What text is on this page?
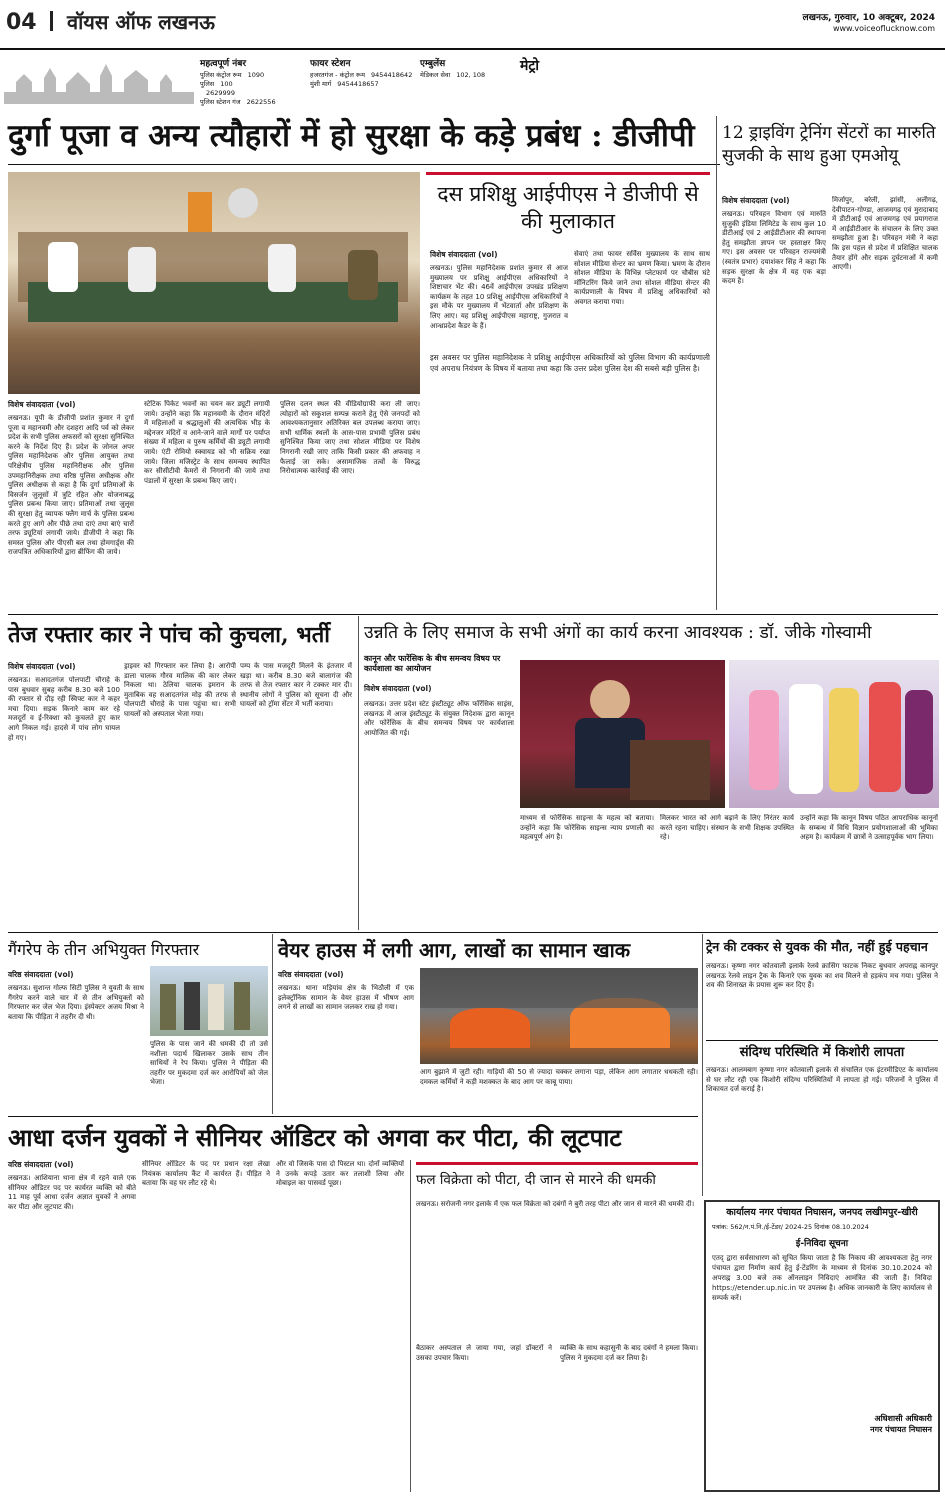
04 वॉयस ऑफ लखनऊ	लखनऊ, गुरुवार, 10 अक्टूबर, 2024
www.voiceoflucknow.com
महत्वपूर्ण नंबर
पुलिस कंट्रोल रूम 1090
पुलिस 100
2629999
पुलिस स्टेशन गंज 2622556
फायर स्टेशन
हजरतगंज - कंट्रोल रूम 9454418642
मुंशी मार्ग 9454418657
एम्बुलेंस
मेडिकल सेवा 102, 108
मेट्रो
दुर्गा पूजा व अन्य त्यौहारों में हो सुरक्षा के कड़े प्रबंध : डीजीपी
विशेष संवाददाता (vol)
लखनऊ। यूपी के डीजीपी प्रशांत कुमार ने दुर्गा पूजा व महानवमी और दशहरा आदि पर्व को लेकर प्रदेश के सभी पुलिस अफसरों को सुरक्षा सुनिश्चित करने के निर्देश दिए हैं। प्रदेश के जोनल अपर पुलिस महानिदेशक और पुलिस आयुक्त तथा परिक्षेत्रीय पुलिस महानिरीक्षक और पुलिस उपमहानिरीक्षक तथा वरिष्ठ पुलिस अधीक्षक और पुलिस अधीक्षक से कहा है कि दुर्गा प्रतिमाओं के विसर्जन जुलूसों में त्रुटि रहित और योजनाबद्ध पुलिस प्रबन्ध किया जाए। प्रतिमाओं तथा जुलूस की सुरक्षा हेतु व्यापक फ्लैग मार्च के पुलिस प्रबन्ध करते हुए आगे और पीछे तथा दाएं तथा बाएं चारों तरफ ड्यूटियां लगायी जाये। डीजीपी ने कहा कि समस्त पुलिस और पीएसी बल तथा होमगार्ड्स की राजपत्रित अधिकारियों द्वारा ब्रीफिंग की जाये।
स्टेटिक पिकेट भवनों का चयन कर ड्यूटी लगायी जाये। उन्होंने कहा कि महानवमी के दौरान मंदिरों में महिलाओं व श्रद्धालुओं की अत्यधिक भीड़ के मद्देनजर मंदिरों व आने-जाने वाले मार्गों पर पर्याप्त संख्या में महिला व पुरुष कर्मियों की ड्यूटी लगायी जाये। एंटी रोमियो स्क्वायड को भी सक्रिय रखा जाये। जिला मजिस्ट्रेट के साथ समन्वय स्थापित कर सीसीटीवी कैमरों से निगरानी की जाये तथा पंडालों में सुरक्षा के प्रबन्ध किए जाएं।
पुलिस दलन स्थल की वीडियोग्राफी करा ली जाए। त्योहारों को सकुशल सम्पन्न कराने हेतु ऐसे जनपदों को आवश्यकतानुसार अतिरिक्त बल उपलब्ध कराया जाए। सभी धार्मिक स्थलों के आस-पास प्रभावी पुलिस प्रबंध सुनिश्चित किया जाए तथा सोशल मीडिया पर विशेष निगरानी रखी जाए ताकि किसी प्रकार की अफवाह न फैलाई जा सके। असामाजिक तत्वों के विरुद्ध निरोधात्मक कार्रवाई की जाए।
दस प्रशिक्षु आईपीएस ने डीजीपी से की मुलाकात
विशेष संवाददाता (vol)
लखनऊ। पुलिस महानिदेशक प्रशांत कुमार से आज मुख्यालय पर प्रशिक्षु आईपीएस अधिकारियों ने शिष्टाचार भेंट की। 46वें आईपीएस उपखंड प्रशिक्षण कार्यक्रम के तहत 10 प्रशिक्षु आईपीएस अधिकारियों ने इस मौके पर मुख्यालय में भेंटवार्ता और प्रशिक्षण के लिए आए। यह प्रशिक्षु आईपीएस महाराष्ट्र, गुजरात व आन्ध्रप्रदेश कैडर के हैं।
सेवाएं तथा फायर सर्विस मुख्यालय के साथ साथ सोशल मीडिया सेन्टर का भ्रमण किया। भ्रमण के दौरान सोशल मीडिया के विभिन्न प्लेटफार्म पर चौबीस घंटे मॉनिटरिंग किये जाने तथा सोशल मीडिया सेन्टर की कार्यप्रणाली के विषय में प्रशिक्षु अधिकारियों को अवगत कराया गया।
इस अवसर पर पुलिस महानिदेशक ने प्रशिक्षु आईपीएस अधिकारियों को पुलिस विभाग की कार्यप्रणाली एवं अपराध नियंत्रण के विषय में बताया तथा कहा कि उत्तर प्रदेश पुलिस देश की सबसे बड़ी पुलिस है।
12 ड्राइविंग ट्रेनिंग सेंटरों का मारुति सुजकी के साथ हुआ एमओयू
विशेष संवाददाता (vol)
लखनऊ। परिवहन विभाग एवं मारुति सुजुकी इंडिया लिमिटेड के साथ कुल 10 डीटीआई एवं 2 आईडीटीआर की स्थापना हेतु समझौता ज्ञापन पर हस्ताक्षर किए गए। इस अवसर पर परिवहन राज्यमंत्री (स्वतंत्र प्रभार) दयाशंकर सिंह ने कहा कि सड़क सुरक्षा के क्षेत्र में यह एक बड़ा कदम है।
मिर्जापुर, बरेली, झांसी, अलीगढ़, देवीपाटन-गोण्डा, आजमगढ़ एवं मुरादाबाद में डीटीआई एवं आजमगढ़ एवं प्रयागराज में आईडीटीआर के संचालन के लिए उक्त समझौता हुआ है। परिवहन मंत्री ने कहा कि इस पहल से प्रदेश में प्रशिक्षित चालक तैयार होंगे और सड़क दुर्घटनाओं में कमी आएगी।
तेज रफ्तार कार ने पांच को कुचला, भर्ती
विशेष संवाददाता (vol)
लखनऊ। सआदतगंज पोलपाटी चौराहे के पास बुधवार सुबह करीब 8.30 बजे 100 की रफ्तार से दौड़ रही स्विफ्ट कार ने कहर मचा दिया। सड़क किनारे काम कर रहे मजदूरों व ई-रिक्शा को कुचलते हुए कार आगे निकल गई। हादसे में पांच लोग घायल हो गए।
ड्राइवर को गिरफ्तार कर लिया है। आरोपी डाला चालक गौरव मालिक की कार लेकर निकला था। ठेलिया चालक इमरान के मुताबिक वह सआदतगंज मोड़ की तरफ से पोलपाटी चौराहे के पास पहुंचा था। सभी घायलों को अस्पताल भेजा गया।
पम्प के पास मजदूरी मिलने के इंतजार में खड़ा था। करीब 8.30 बजे बालागंज की तरफ से तेज रफ्तार कार ने टक्कर मार दी। स्थानीय लोगों ने पुलिस को सूचना दी और घायलों को ट्रॉमा सेंटर में भर्ती कराया।
उन्नति के लिए समाज के सभी अंगों का कार्य करना आवश्यक : डॉ. जीके गोस्वामी
कानून और फारेंसिक के बीच समन्वय विषय पर कार्यशाला का आयोजन
विशेष संवाददाता (vol)
लखनऊ। उत्तर प्रदेश स्टेट इंस्टीट्यूट ऑफ फॉरेंसिक साइंस, लखनऊ में आज इंस्टीट्यूट के संयुक्त निदेशक द्वारा कानून और फोरेंसिक के बीच समन्वय विषय पर कार्यशाला आयोजित की गई।
माध्यम से फोरेंसिक साइन्स के महत्व को बताया। उन्होंने कहा कि फोरेंसिक साइन्स न्याय प्रणाली का महत्वपूर्ण अंग है।
मिलकर भारत को आगे बढ़ाने के लिए निरंतर कार्य करते रहना चाहिए। संस्थान के सभी शिक्षक उपस्थित रहे।
उन्होंने कहा कि कानून विषय पठित आपराधिक कानूनों के सम्बन्ध में विधि विज्ञान प्रयोगशालाओं की भूमिका अहम है। कार्यक्रम में छात्रों ने उत्साहपूर्वक भाग लिया।
गैंगरेप के तीन अभियुक्त गिरफ्तार
वरिष्ठ संवाददाता (vol)
लखनऊ। सुशान्त गोल्फ सिटी पुलिस ने युवती के साथ गैंगरेप करने वाले चार में से तीन अभियुक्तों को गिरफ्तार कर जेल भेज दिया। इंस्पेक्टर अजय मिश्रा ने बताया कि पीड़िता ने तहरीर दी थी।
पुलिस के पास जाने की धमकी दी तो उसे नशीला पदार्थ खिलाकर उसके साथ तीन साथियों ने रेप किया। पुलिस ने पीड़िता की तहरीर पर मुकदमा दर्ज कर आरोपियों को जेल भेजा।
वेयर हाउस में लगी आग, लाखों का सामान खाक
वरिष्ठ संवाददाता (vol)
लखनऊ। थाना मड़ियांव क्षेत्र के भिठौली में एक इलेक्ट्रॉनिक सामान के वेयर हाउस में भीषण आग लगने से लाखों का सामान जलकर राख हो गया।
आग बुझाने में जुटी रही। गाड़ियों की 50 से ज्यादा चक्कर लगाना पड़ा, लेकिन आग लगातार धधकती रही। दमकल कर्मियों ने कड़ी मशक्कत के बाद आग पर काबू पाया।
ट्रेन की टक्कर से युवक की मौत, नहीं हुई पहचान
लखनऊ। कृष्णा नगर कोतवाली इलाके रेलवे क्रासिंग फाटक निकट बुधवार अपराह्न कानपुर लखनऊ रेलवे लाइन ट्रैक के किनारे एक युवक का शव मिलने से हड़कंप मच गया। पुलिस ने शव की शिनाख्त के प्रयास शुरू कर दिए हैं।
संदिग्ध परिस्थिति में किशोरी लापता
लखनऊ। आलमबाग कृष्णा नगर कोतवाली इलाके से संचालित एक इंटरमीडिएट के कार्यालय से घर लौट रही एक किशोरी संदिग्ध परिस्थितियों में लापता हो गई। परिजनों ने पुलिस में शिकायत दर्ज कराई है।
आधा दर्जन युवकों ने सीनियर ऑडिटर को अगवा कर पीटा, की लूटपाट
वरिष्ठ संवाददाता (vol)
लखनऊ। आशियाना थाना क्षेत्र में रहने वाले एक सीनियर ऑडिटर पद पर कार्यरत व्यक्ति को बीते 11 माह पूर्व आधा दर्जन अज्ञात युवकों ने अगवा कर पीटा और लूटपाट की।
सीनियर ऑडिटर के पद पर प्रधान रक्षा लेखा नियंत्रक कार्यालय कैंट में कार्यरत हैं। पीड़ित ने बताया कि वह घर लौट रहे थे।
और वो जिसके पास दो पिस्टल था। दोनों व्यक्तियों ने उनके कपड़े उतार कर तलाशी लिया और मोबाइल का पासवर्ड पूछा।	फल विक्रेता को पीटा, दी जान से मारने की धमकी
लखनऊ। सरोजनी नगर इलाके में एक फल विक्रेता को दबंगों ने बुरी तरह पीटा और जान से मारने की धमकी दी।
बैठाकर अस्पताल ले जाया गया, जहां डॉक्टरों ने उसका उपचार किया।
व्यक्ति के साथ कहासुनी के बाद दबंगों ने हमला किया। पुलिस ने मुकदमा दर्ज कर लिया है।
कार्यालय नगर पंचायत निघासन, जनपद लखीमपुर-खीरी
पत्रांक: 562/न.पं.नि./ई-टेंडर/ 2024-25 दिनांक 08.10.2024
ई-निविदा सूचना
एतद् द्वारा सर्वसाधारण को सूचित किया जाता है कि निकाय की आवश्यकता हेतु नगर पंचायत द्वारा निर्माण कार्य हेतु ई-टेंडरिंग के माध्यम से दिनांक 30.10.2024 को अपराह्न 3.00 बजे तक ऑनलाइन निविदाएं आमंत्रित की जाती हैं। निविदा https://etender.up.nic.in पर उपलब्ध है। अधिक जानकारी के लिए कार्यालय से सम्पर्क करें।
अधिशासी अधिकारी
नगर पंचायत निघासन
